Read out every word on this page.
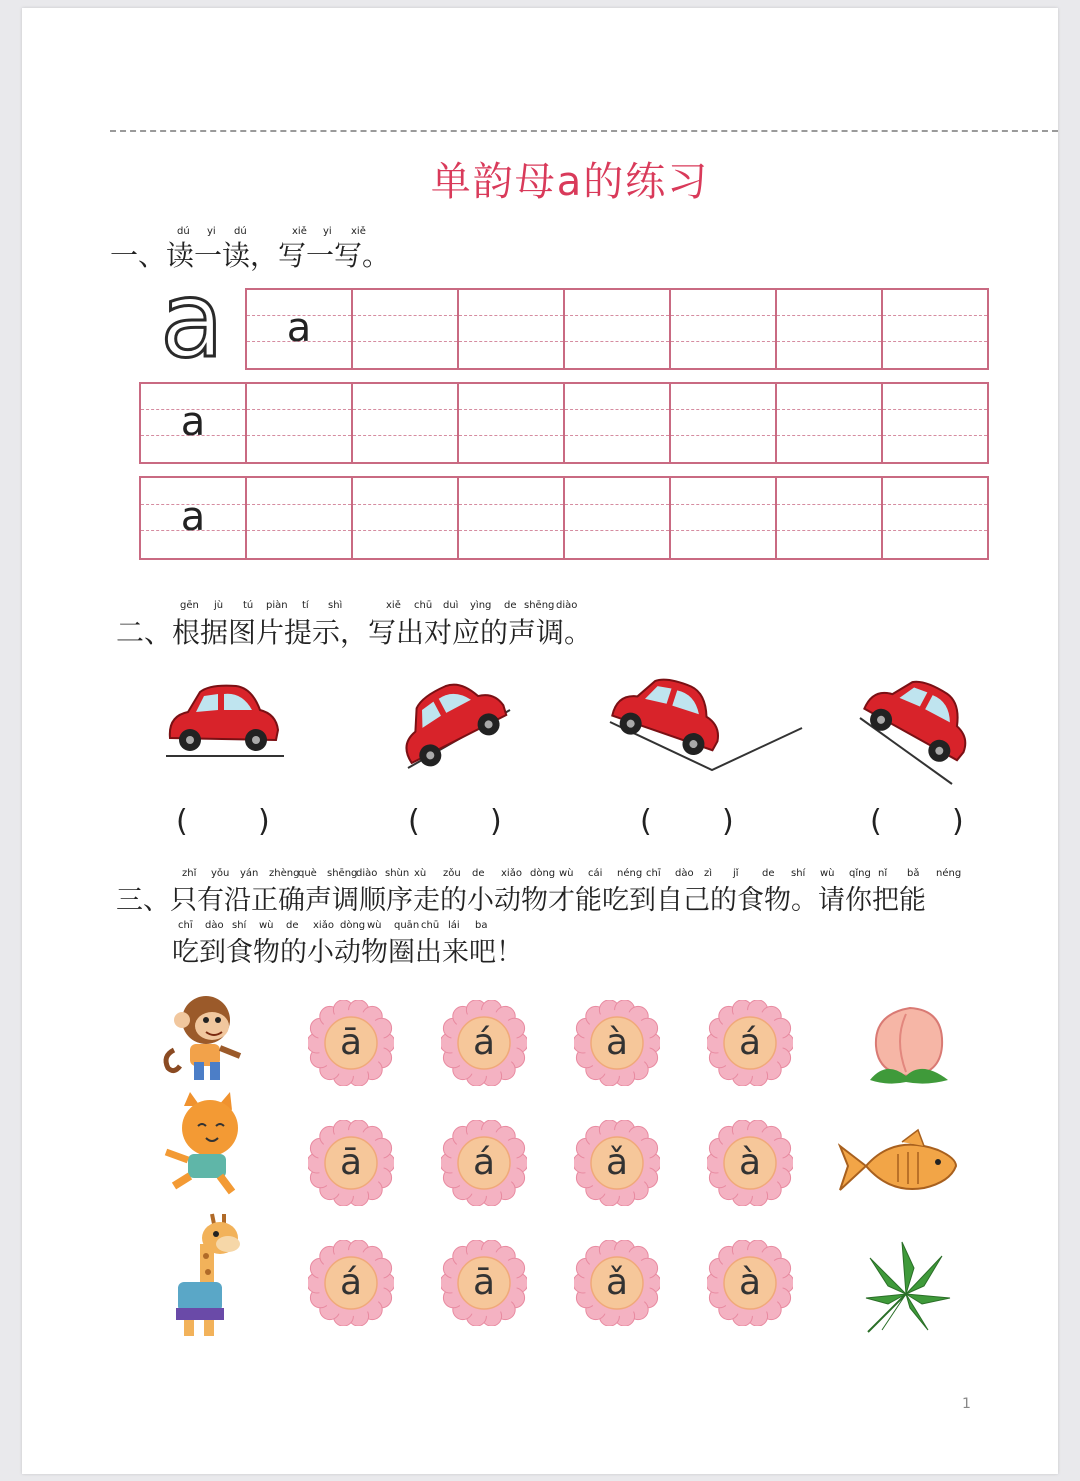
单韵母a的练习
dú yi dú	xiě yi xiě
一、读一读，写一写。
a a
a
a
gēn jù tú piàn tí shì	xiě chū duì yìng de shēng diào
二、根据图片提示，写出对应的声调。
( )	( )	( )	( )
zhǐ yǒu yán zhèng
què shēng
diào shùn xù zǒu de xiǎo dòng wù cái néng chī dào zì jǐ de shí wù qǐng nǐ bǎ néng
三、只有沿正确声调顺序走的小动物才能吃到自己的食物。请你把能
chī dào shí wù de xiǎo dòng wù quān chū lái ba
吃到食物的小动物圈出来吧！
ā	á	à	á
ā	á	ǎ	à
á	ā	ǎ	à
1
